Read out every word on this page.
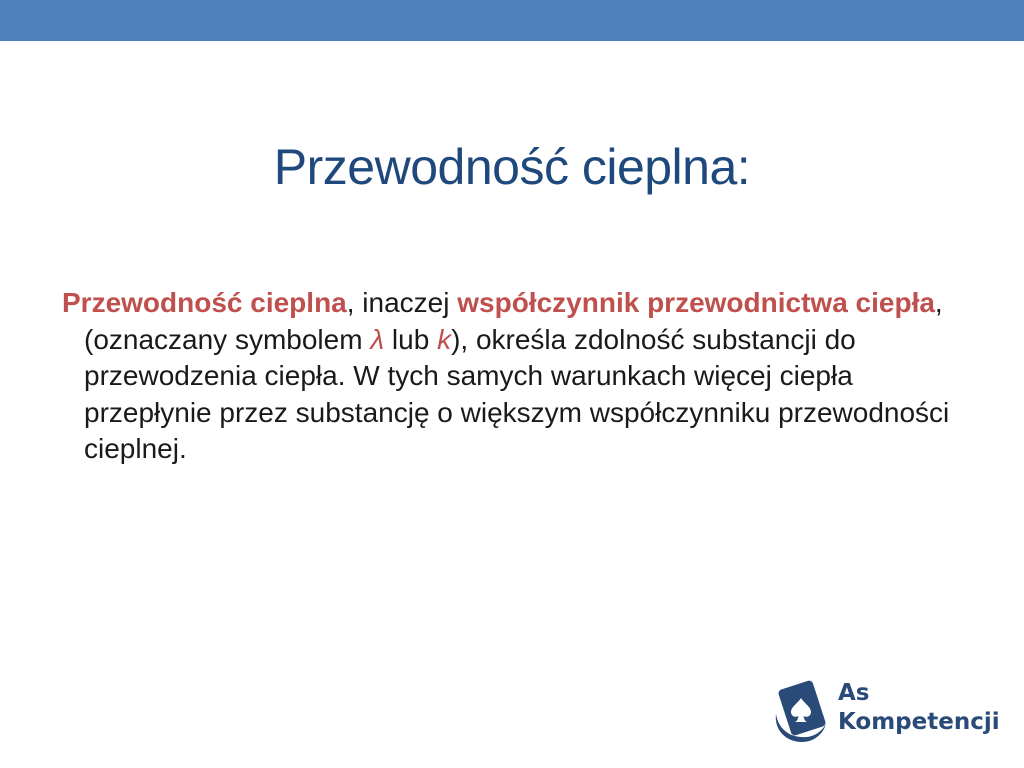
Przewodność cieplna:
Przewodność cieplna, inaczej współczynnik przewodnictwa ciepła, (oznaczany symbolem λ lub k), określa zdolność substancji do przewodzenia ciepła. W tych samych warunkach więcej ciepła przepłynie przez substancję o większym współczynniku przewodności cieplnej.
As
Kompetencji
